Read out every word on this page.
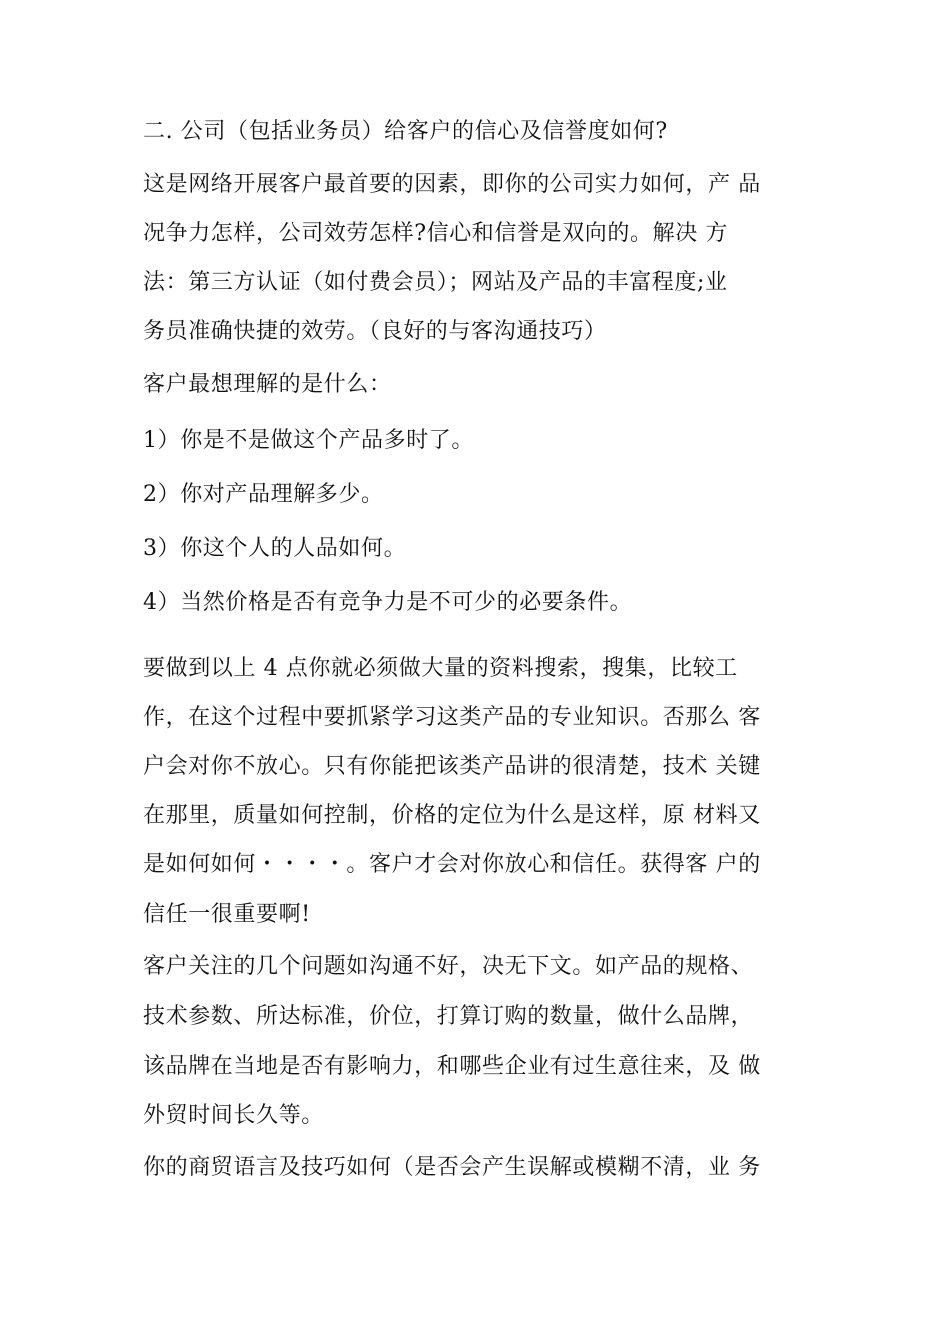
二. 公司（包括业务员）给客户的信心及信誉度如何?
这是网络开展客户最首要的因素，即你的公司实力如何，产 品
况争力怎样，公司效劳怎样?信心和信誉是双向的。解决 方
法：第三方认证（如付费会员）；网站及产品的丰富程度;业
务员准确快捷的效劳。（良好的与客沟通技巧）
客户最想理解的是什么：
1）你是不是做这个产品多时了。
2）你对产品理解多少。
3）你这个人的人品如何。
4）当然价格是否有竞争力是不可少的必要条件。
要做到以上 4 点你就必须做大量的资料搜索，搜集，比较工
作，在这个过程中要抓紧学习这类产品的专业知识。否那么 客
户会对你不放心。只有你能把该类产品讲的很清楚，技术 关键
在那里，质量如何控制，价格的定位为什么是这样，原 材料又
是如何如何・・・・。客户才会对你放心和信任。获得客 户的
信任一很重要啊!
客户关注的几个问题如沟通不好，决无下文。如产品的规格、
技术参数、所达标准，价位，打算订购的数量，做什么品牌，
该品牌在当地是否有影响力，和哪些企业有过生意往来，及 做
外贸时间长久等。
你的商贸语言及技巧如何（是否会产生误解或模糊不清，业 务
